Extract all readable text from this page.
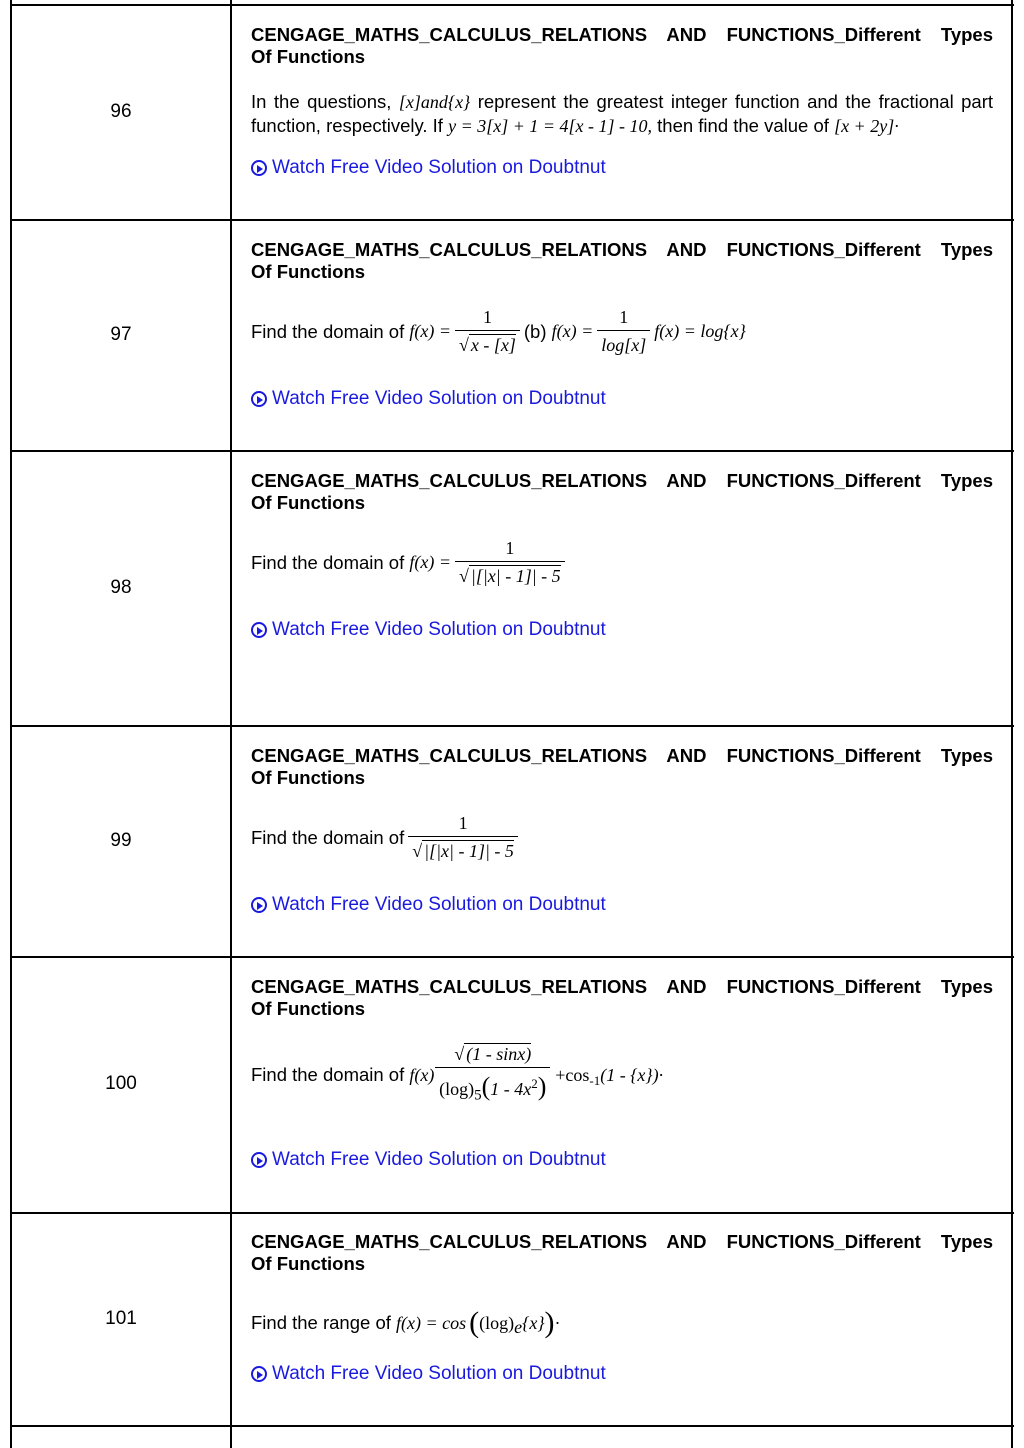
96
CENGAGE_MATHS_CALCULUS_RELATIONS AND FUNCTIONS_Different Types
Of Functions
In the questions, [x]and{x} represent the greatest integer function and the fractional part function, respectively. If y = 3[x] + 1 = 4[x - 1] - 10, then find the value of [x + 2y]·
Watch Free Video Solution on Doubtnut
97
CENGAGE_MATHS_CALCULUS_RELATIONS AND FUNCTIONS_Different Types
Of Functions
Find the domain of
$f(x) = \frac{1}{√ x - [x]} (b)$
$f(x) = \frac{1}{\log[x]} f(x) = \log\{x\}$
Watch Free Video Solution on Doubtnut
98
CENGAGE_MATHS_CALCULUS_RELATIONS AND FUNCTIONS_Different Types
Of Functions
Find the domain of
$f(x) = \frac{1}{√ |[|x| - 1]| - 5}$
Watch Free Video Solution on Doubtnut
99
CENGAGE_MATHS_CALCULUS_RELATIONS AND FUNCTIONS_Different Types
Of Functions
Find the domain of $\frac{1}{√ |[|x| - 1]| - 5}$
Watch Free Video Solution on Doubtnut
100
CENGAGE_MATHS_CALCULUS_RELATIONS AND FUNCTIONS_Different Types
Of Functions
Find the domain of
$f(x) \frac{√ (1 - \sin x)}{(\log)_5(1 - 4x^2)} +\cos_{-1}$ (1 - {x})·
Watch Free Video Solution on Doubtnut
101
CENGAGE_MATHS_CALCULUS_RELATIONS AND FUNCTIONS_Different Types
Of Functions
Find the range of
f(x) = cos ( (log) e {x} ) ·
Watch Free Video Solution on Doubtnut
